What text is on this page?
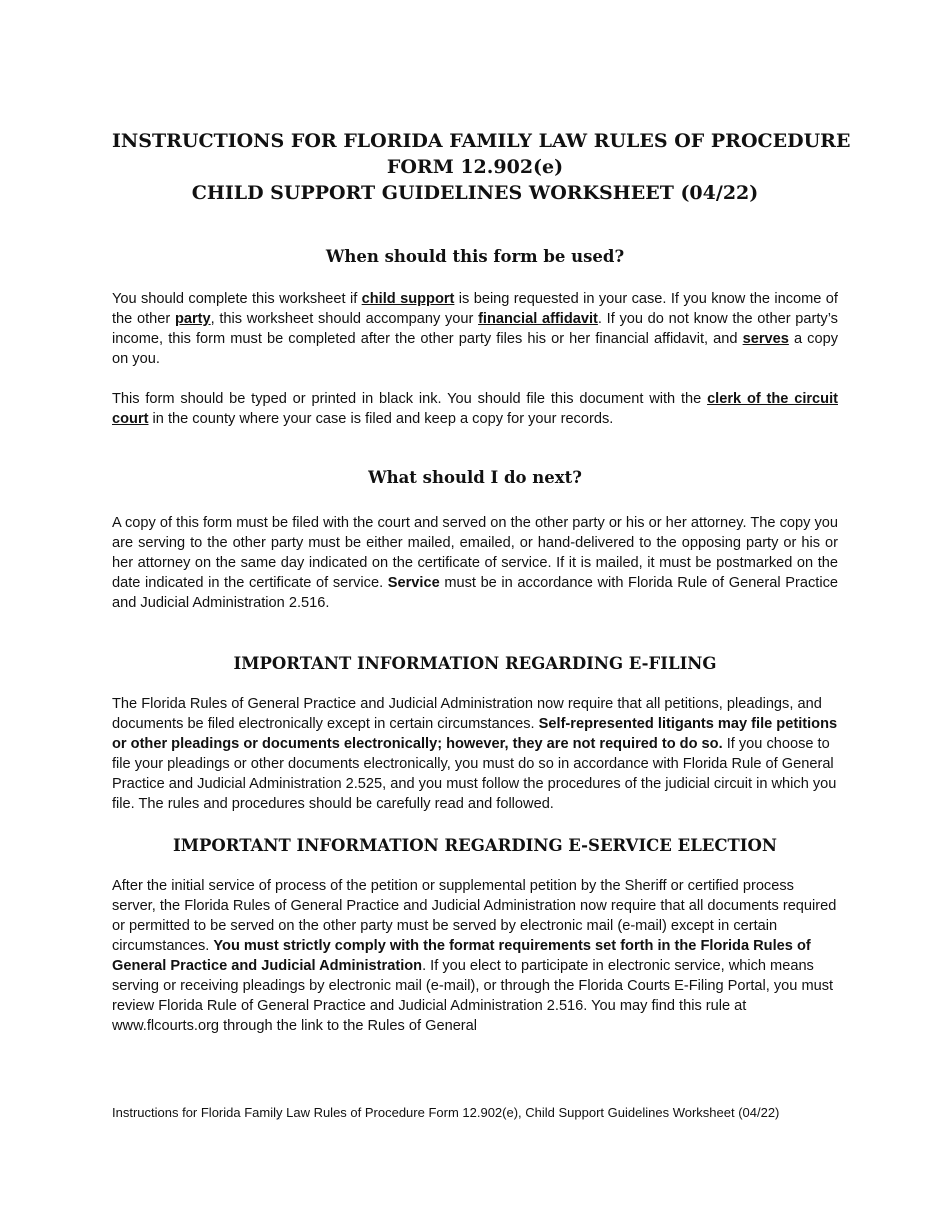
INSTRUCTIONS FOR FLORIDA FAMILY LAW RULES OF PROCEDURE
FORM 12.902(e)
CHILD SUPPORT GUIDELINES WORKSHEET (04/22)
When should this form be used?

You should complete this worksheet if child support is being requested in your case. If you know the income of the other party, this worksheet should accompany your financial affidavit. If you do not know the other party’s income, this form must be completed after the other party files his or her financial affidavit, and serves a copy on you.

This form should be typed or printed in black ink. You should file this document with the clerk of the circuit court in the county where your case is filed and keep a copy for your records.

What should I do next?

A copy of this form must be filed with the court and served on the other party or his or her attorney. The copy you are serving to the other party must be either mailed, emailed, or hand-delivered to the opposing party or his or her attorney on the same day indicated on the certificate of service. If it is mailed, it must be postmarked on the date indicated in the certificate of service. Service must be in accordance with Florida Rule of General Practice and Judicial Administration 2.516.

IMPORTANT INFORMATION REGARDING E-FILING

The Florida Rules of General Practice and Judicial Administration now require that all petitions, pleadings, and documents be filed electronically except in certain circumstances. Self-represented litigants may file petitions or other pleadings or documents electronically; however, they are not required to do so. If you choose to file your pleadings or other documents electronically, you must do so in accordance with Florida Rule of General Practice and Judicial Administration 2.525, and you must follow the procedures of the judicial circuit in which you file. The rules and procedures should be carefully read and followed.

IMPORTANT INFORMATION REGARDING E-SERVICE ELECTION

After the initial service of process of the petition or supplemental petition by the Sheriff or certified process server, the Florida Rules of General Practice and Judicial Administration now require that all documents required or permitted to be served on the other party must be served by electronic mail (e-mail) except in certain circumstances. You must strictly comply with the format requirements set forth in the Florida Rules of General Practice and Judicial Administration. If you elect to participate in electronic service, which means serving or receiving pleadings by electronic mail (e-mail), or through the Florida Courts E-Filing Portal, you must review Florida Rule of General Practice and Judicial Administration 2.516. You may find this rule at www.flcourts.org through the link to the Rules of General

Instructions for Florida Family Law Rules of Procedure Form 12.902(e), Child Support Guidelines Worksheet (04/22)
